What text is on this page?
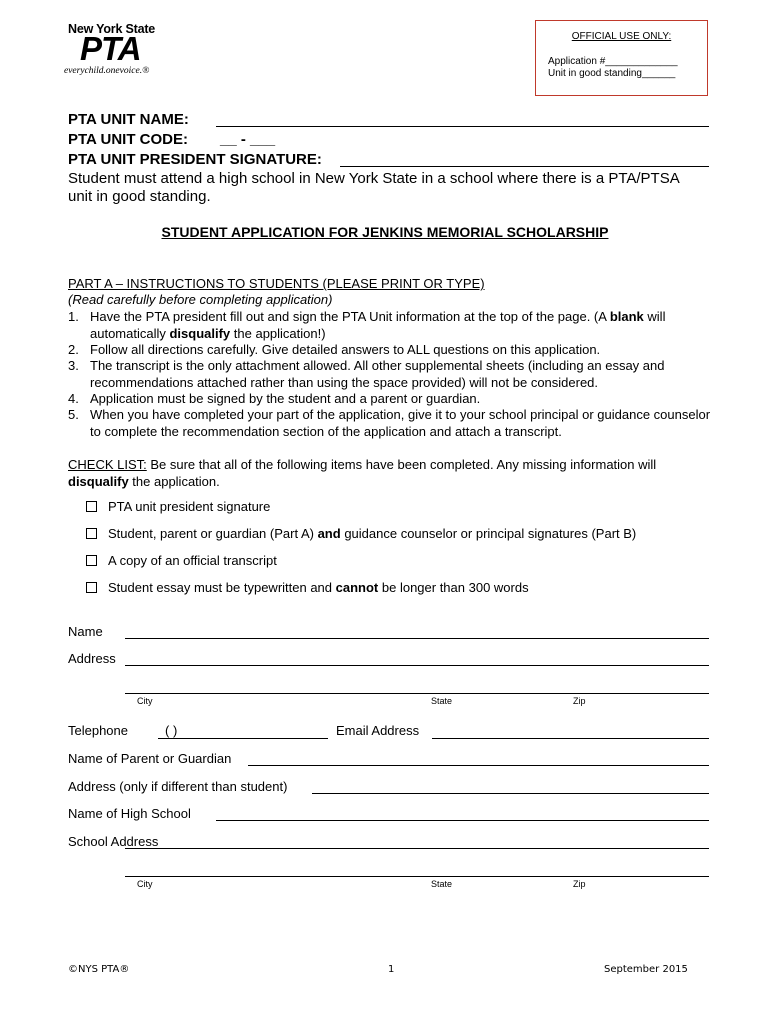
New York State
PTA
everychild.onevoice.®
OFFICIAL USE ONLY:
Application #_____________
Unit in good standing______
PTA UNIT NAME:
PTA UNIT CODE: __ - ___
PTA UNIT PRESIDENT SIGNATURE:
Student must attend a high school in New York State in a school where there is a PTA/PTSA
unit in good standing.
STUDENT APPLICATION FOR JENKINS MEMORIAL SCHOLARSHIP
PART A – INSTRUCTIONS TO STUDENTS (PLEASE PRINT OR TYPE)
(Read carefully before completing application)
1. Have the PTA president fill out and sign the PTA Unit information at the top of the page. (A blank will automatically disqualify the application!)
2. Follow all directions carefully. Give detailed answers to ALL questions on this application.
3. The transcript is the only attachment allowed. All other supplemental sheets (including an essay and recommendations attached rather than using the space provided) will not be considered.
4. Application must be signed by the student and a parent or guardian.
5. When you have completed your part of the application, give it to your school principal or guidance counselor to complete the recommendation section of the application and attach a transcript.
CHECK LIST: Be sure that all of the following items have been completed. Any missing information will
disqualify the application.
PTA unit president signature
Student, parent or guardian (Part A) and guidance counselor or principal signatures (Part B)
A copy of an official transcript
Student essay must be typewritten and cannot be longer than 300 words
Name
Address
City	State	Zip
Telephone	( )	Email Address
Name of Parent or Guardian
Address (only if different than student)
Name of High School
School Address
City	State	Zip
©NYS PTA®	1	September 2015
